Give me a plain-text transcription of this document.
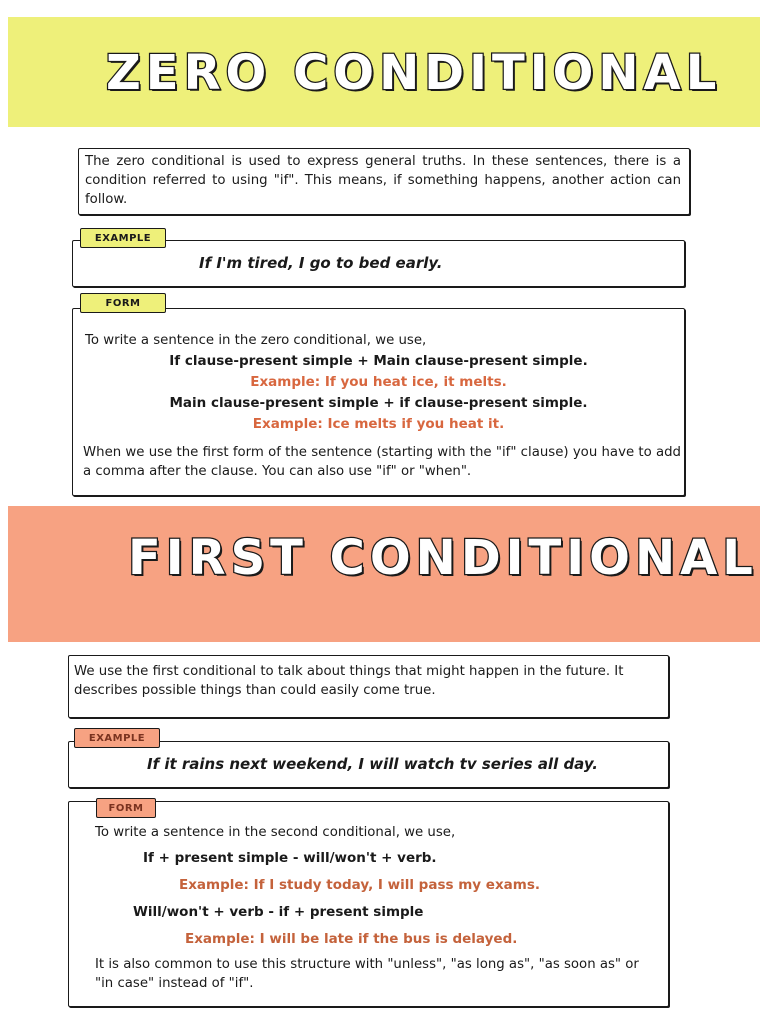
ZERO CONDITIONAL
The zero conditional is used to express general truths. In these sentences, there is a condition referred to using "if". This means, if something happens, another action can follow.
If I'm tired, I go to bed early.
EXAMPLE
To write a sentence in the zero conditional, we use,
If clause-present simple + Main clause-present simple.
Example: If you heat ice, it melts.
Main clause-present simple + if clause-present simple.
Example: Ice melts if you heat it.
When we use the first form of the sentence (starting with the "if" clause) you have to add a comma after the clause. You can also use "if" or "when".
FORM
FIRST CONDITIONAL
We use the first conditional to talk about things that might happen in the future. It describes possible things than could easily come true.
If it rains next weekend, I will watch tv series all day.
EXAMPLE
To write a sentence in the second conditional, we use,
If + present simple - will/won't + verb.
Example: If I study today, I will pass my exams.
Will/won't + verb - if + present simple
Example: I will be late if the bus is delayed.
It is also common to use this structure with "unless", "as long as", "as soon as" or "in case" instead of "if".
FORM
